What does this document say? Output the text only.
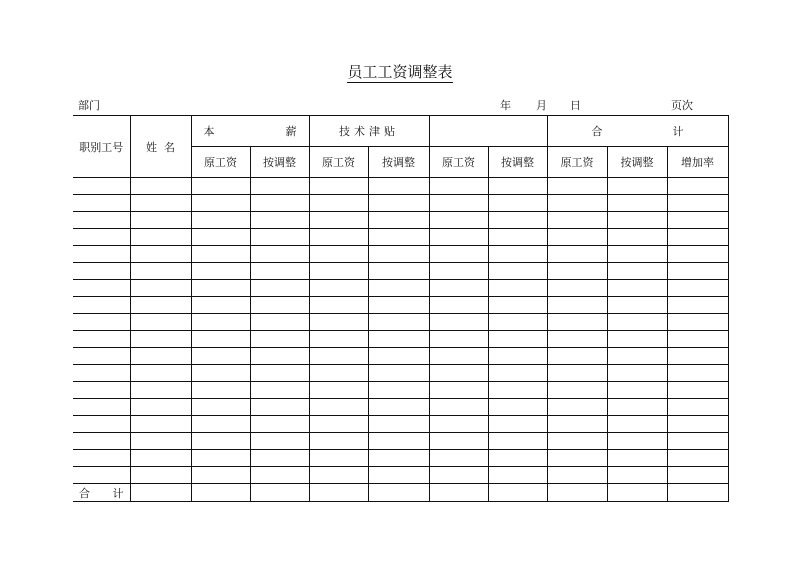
员工工资调整表
部门	年 月 日	页次
职别工号	姓  名	本 薪		技术津贴				合 计		

		原工资	按调整	原工资	按调整	原工资	按调整	原工资	按调整	增加率

合 计										
